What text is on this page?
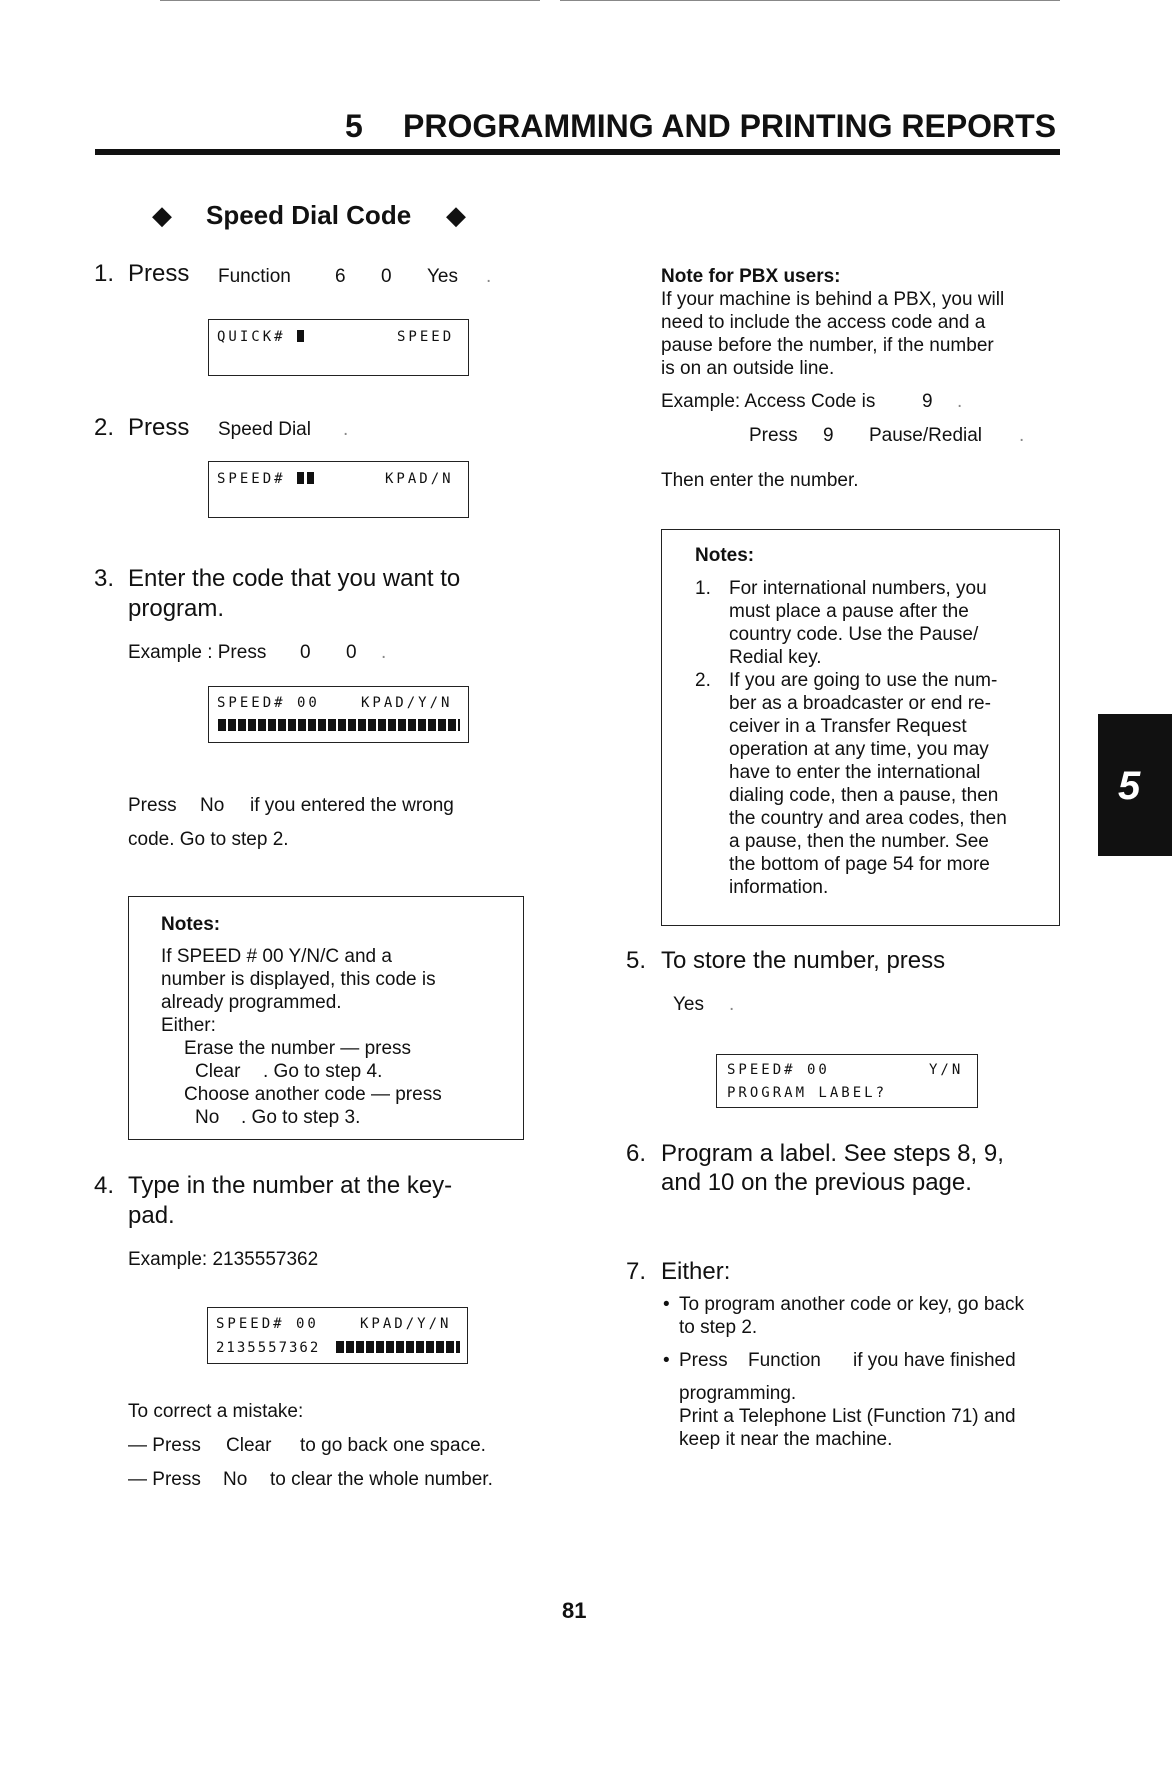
5 PROGRAMMING AND PRINTING REPORTS
◆ Speed Dial Code ◆
5
1. Press Function 6 0 Yes .
QUICK#	SPEED
2. Press Speed Dial .
SPEED#	KPAD/N
3. Enter the code that you want to
program.
Example : Press 0 0 .
SPEED# 00	KPAD/Y/N
Press No if you entered the wrong
code. Go to step 2.
Notes:
If SPEED # 00 Y/N/C and a
number is displayed, this code is
already programmed.
Either:
Erase the number — press
Clear . Go to step 4.
Choose another code — press
No . Go to step 3.
4. Type in the number at the key-
pad.
Example: 2135557362
SPEED# 00	KPAD/Y/N
2135557362
To correct a mistake:
— Press Clear to go back one space.
— Press No to clear the whole number.
Note for PBX users:
If your machine is behind a PBX, you will
need to include the access code and a
pause before the number, if the number
is on an outside line.
Example: Access Code is 9 .
Press 9 Pause/Redial .
Then enter the number.
Notes:
1. For international numbers, you
must place a pause after the
country code. Use the Pause/
Redial key.
2. If you are going to use the num-
ber as a broadcaster or end re-
ceiver in a Transfer Request
operation at any time, you may
have to enter the international
dialing code, then a pause, then
the country and area codes, then
a pause, then the number. See
the bottom of page 54 for more
information.
5. To store the number, press
Yes .
SPEED# 00	Y/N
PROGRAM LABEL?
6. Program a label. See steps 8, 9,
and 10 on the previous page.
7. Either:
• To program another code or key, go back
to step 2.
• Press Function if you have finished
programming.
Print a Telephone List (Function 71) and
keep it near the machine.
81
